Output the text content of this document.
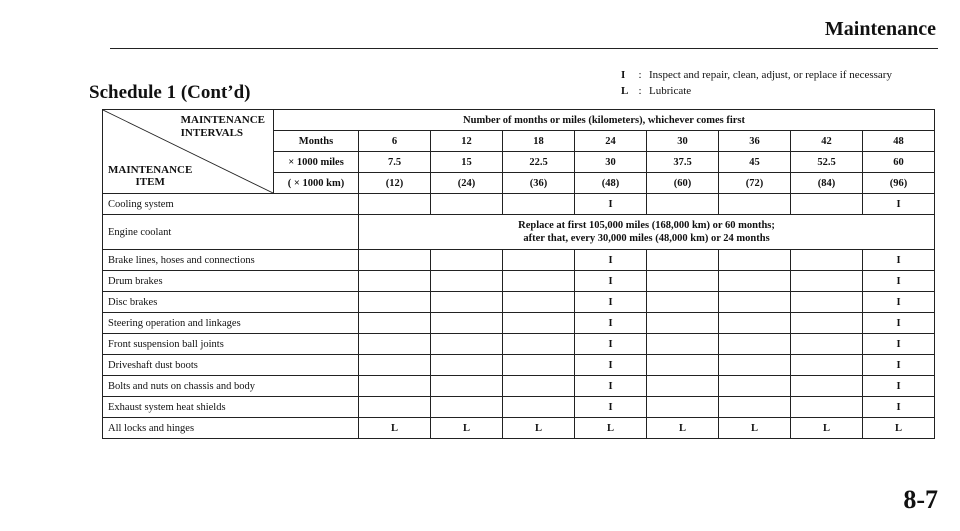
Maintenance
Schedule 1 (Cont’d)
I	: Inspect and repair, clean, adjust, or replace if necessary
L : Lubricate
MAINTENANCE
INTERVALS
MAINTENANCE
ITEM	Number of months or miles (kilometers), whichever comes first								
	Months	6	12	18	24	30	36	42	48
	× 1000 miles	7.5	15	22.5	30	37.5	45	52.5	60
	( × 1000 km)	(12)	(24)	(36)	(48)	(60)	(72)	(84)	(96)
Cooling system					I				I
Engine coolant		Replace at first 105,000 miles (168,000 km) or 60 months;
after that, every 30,000 miles (48,000 km) or 24 months							
Brake lines, hoses and connections					I				I
Drum brakes					I				I
Disc brakes					I				I
Steering operation and linkages					I				I
Front suspension ball joints					I				I
Driveshaft dust boots					I				I
Bolts and nuts on chassis and body					I				I
Exhaust system heat shields					I				I
All locks and hinges		L	L	L	L	L	L	L	L
8-7
